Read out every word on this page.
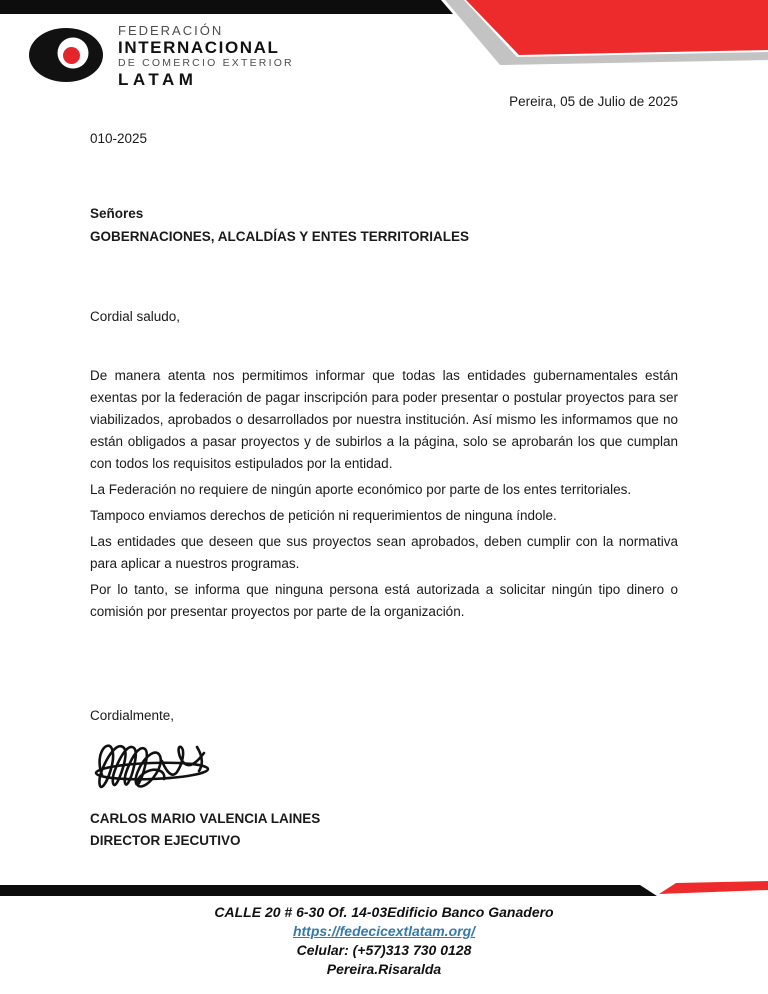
FEDERACIÓN
INTERNACIONAL
DE COMERCIO EXTERIOR
LATAM
Pereira, 05 de Julio de 2025
010-2025
Señores
GOBERNACIONES, ALCALDÍAS Y ENTES TERRITORIALES
Cordial saludo,

De manera atenta nos permitimos informar que todas las entidades gubernamentales están exentas por la federación de pagar inscripción para poder presentar o postular proyectos para ser viabilizados, aprobados o desarrollados por nuestra institución. Así mismo les informamos que no están obligados a pasar proyectos y de subirlos a la página, solo se aprobarán los que cumplan con todos los requisitos estipulados por la entidad.

La Federación no requiere de ningún aporte económico por parte de los entes territoriales.

Tampoco enviamos derechos de petición ni requerimientos de ninguna índole.

Las entidades que deseen que sus proyectos sean aprobados, deben cumplir con la normativa para aplicar a nuestros programas.

Por lo tanto, se informa que ninguna persona está autorizada a solicitar ningún tipo dinero o comisión por presentar proyectos por parte de la organización.

Cordialmente,
CARLOS MARIO VALENCIA LAINES
DIRECTOR EJECUTIVO
CALLE 20 # 6-30 Of. 14-03Edificio Banco Ganadero
https://fedecicextlatam.org/
Celular: (+57)313 730 0128
Pereira.Risaralda
